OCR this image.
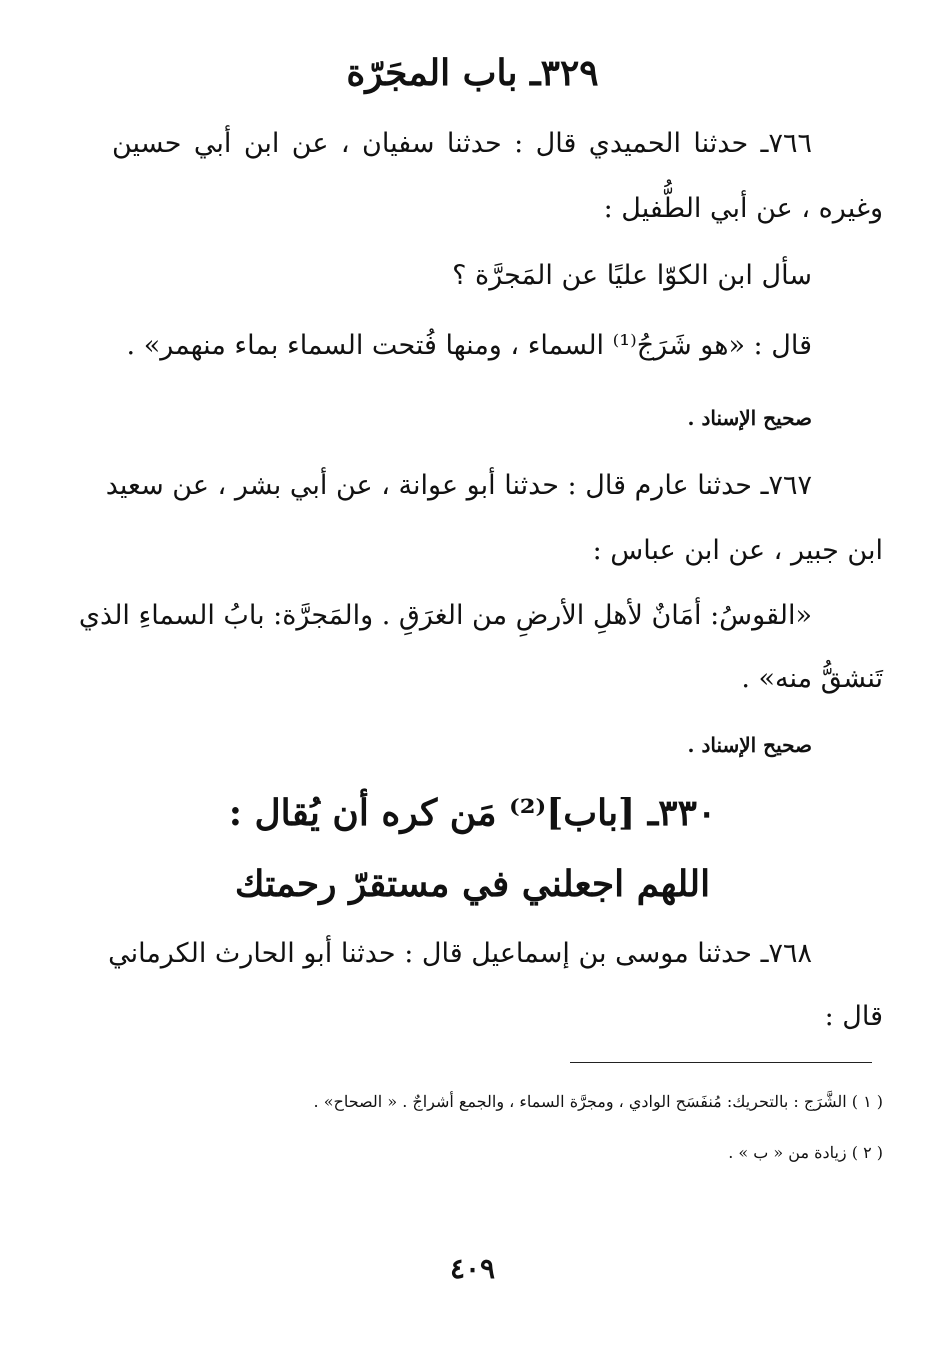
٣٢٩ـ باب المجَرّة
٧٦٦ـ حدثنا الحميدي قال : حدثنا سفيان ، عن ابن أبي حسين
وغيره ، عن أبي الطُّفيل :
سأل ابن الكوّا عليًا عن المَجرَّة ؟
قال : «هو شَرَجُ⁽¹⁾ السماء ، ومنها فُتحت السماء بماء منهمر» .
صحيح الإسناد .
٧٦٧ـ حدثنا عارم قال : حدثنا أبو عوانة ، عن أبي بشر ، عن سعيد
ابن جبير ، عن ابن عباس :
«القوسُ: أمَانٌ لأهلِ الأرضِ من الغرَقِ . والمَجرَّة: بابُ السماءِ الذي
تَنشقُّ منه» .
صحيح الإسناد .
٣٣٠ـ [باب]⁽²⁾ مَن كره أن يُقال :
اللهم اجعلني في مستقرّ رحمتك
٧٦٨ـ حدثنا موسى بن إسماعيل قال : حدثنا أبو الحارث الكرماني
قال :
( ١ ) الشَّرَج : بالتحريك: مُنفَسَح الوادي ، ومجرَّة السماء ، والجمع أشراجٌ . « الصحاح» .
( ٢ ) زيادة من « ب » .
٤٠٩
